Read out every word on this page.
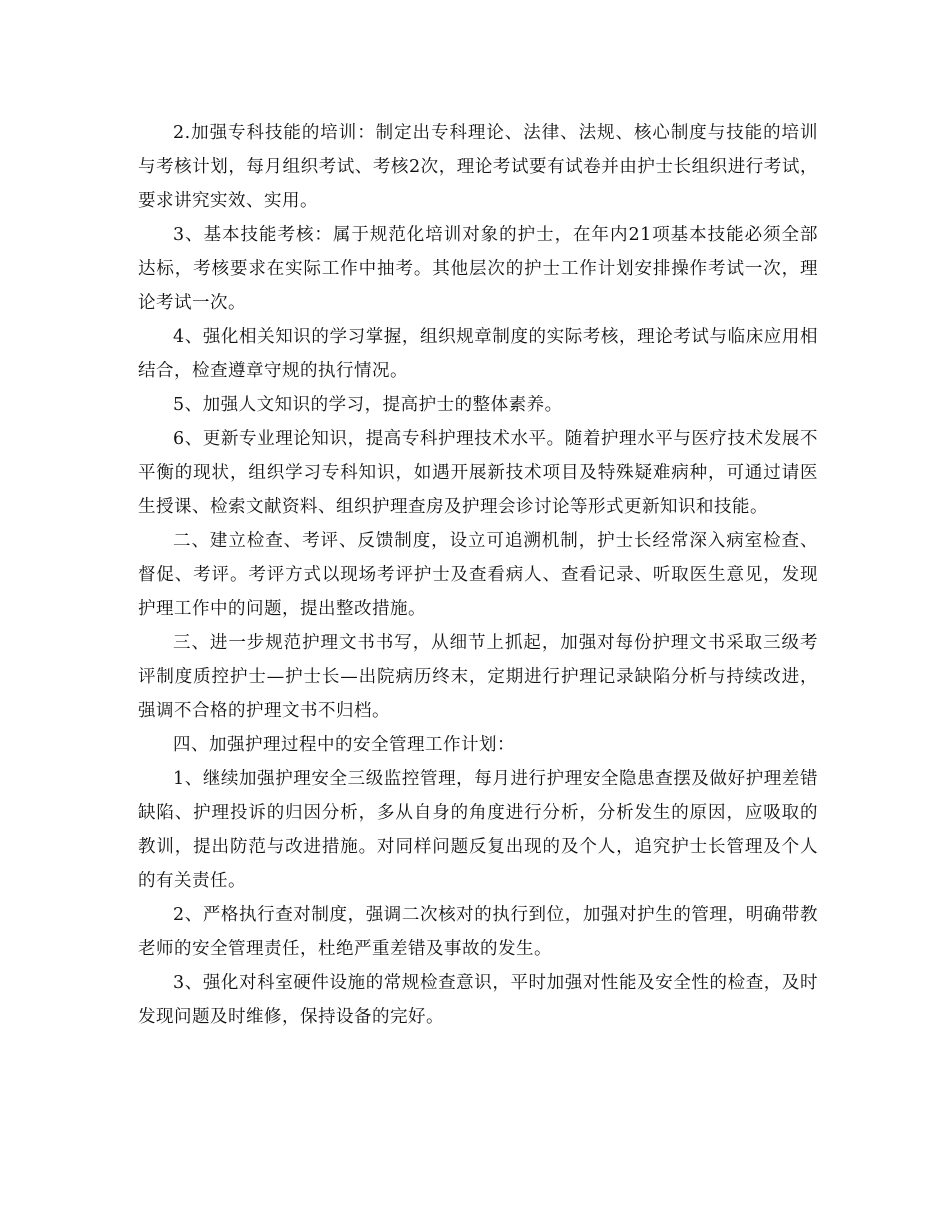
2.加强专科技能的培训：制定出专科理论、法律、法规、核心制度与技能的培训与考核计划，每月组织考试、考核2次，理论考试要有试卷并由护士长组织进行考试，要求讲究实效、实用。

3、基本技能考核：属于规范化培训对象的护士，在年内21项基本技能必须全部达标，考核要求在实际工作中抽考。其他层次的护士工作计划安排操作考试一次，理论考试一次。

4、强化相关知识的学习掌握，组织规章制度的实际考核，理论考试与临床应用相结合，检查遵章守规的执行情况。

5、加强人文知识的学习，提高护士的整体素养。

6、更新专业理论知识，提高专科护理技术水平。随着护理水平与医疗技术发展不平衡的现状，组织学习专科知识，如遇开展新技术项目及特殊疑难病种，可通过请医生授课、检索文献资料、组织护理查房及护理会诊讨论等形式更新知识和技能。

二、建立检查、考评、反馈制度，设立可追溯机制，护士长经常深入病室检查、督促、考评。考评方式以现场考评护士及查看病人、查看记录、听取医生意见，发现护理工作中的问题，提出整改措施。

三、进一步规范护理文书书写，从细节上抓起，加强对每份护理文书采取三级考评制度质控护士—护士长—出院病历终末，定期进行护理记录缺陷分析与持续改进，强调不合格的护理文书不归档。

四、加强护理过程中的安全管理工作计划：

1、继续加强护理安全三级监控管理，每月进行护理安全隐患查摆及做好护理差错缺陷、护理投诉的归因分析，多从自身的角度进行分析，分析发生的原因，应吸取的教训，提出防范与改进措施。对同样问题反复出现的及个人，追究护士长管理及个人的有关责任。

2、严格执行查对制度，强调二次核对的执行到位，加强对护生的管理，明确带教老师的安全管理责任，杜绝严重差错及事故的发生。

3、强化对科室硬件设施的常规检查意识，平时加强对性能及安全性的检查，及时发现问题及时维修，保持设备的完好。
